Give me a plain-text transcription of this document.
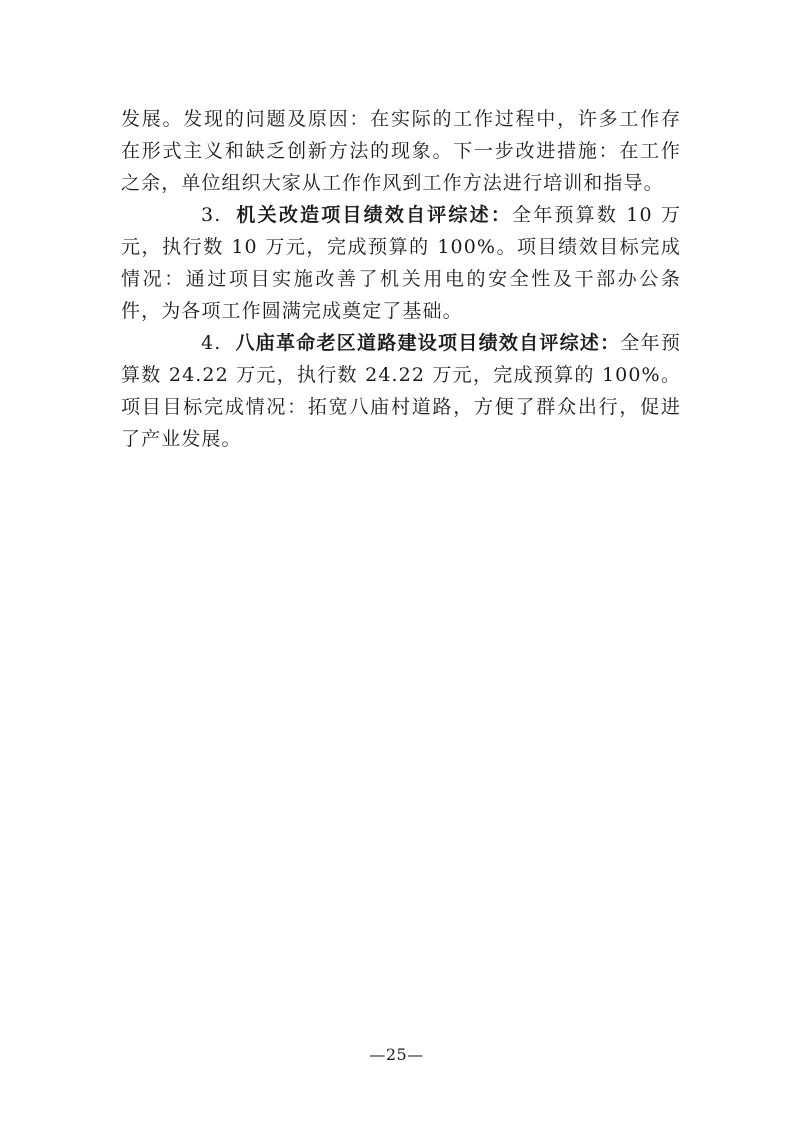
发展。发现的问题及原因：在实际的工作过程中，许多工作存在形式主义和缺乏创新方法的现象。下一步改进措施：在工作之余，单位组织大家从工作作风到工作方法进行培训和指导。

3. 机关改造项目绩效自评综述：全年预算数 10 万元，执行数 10 万元，完成预算的 100%。项目绩效目标完成情况：通过项目实施改善了机关用电的安全性及干部办公条件，为各项工作圆满完成奠定了基础。

4. 八庙革命老区道路建设项目绩效自评综述：全年预算数 24.22 万元，执行数 24.22 万元，完成预算的 100%。项目目标完成情况：拓宽八庙村道路，方便了群众出行，促进了产业发展。

—25—
